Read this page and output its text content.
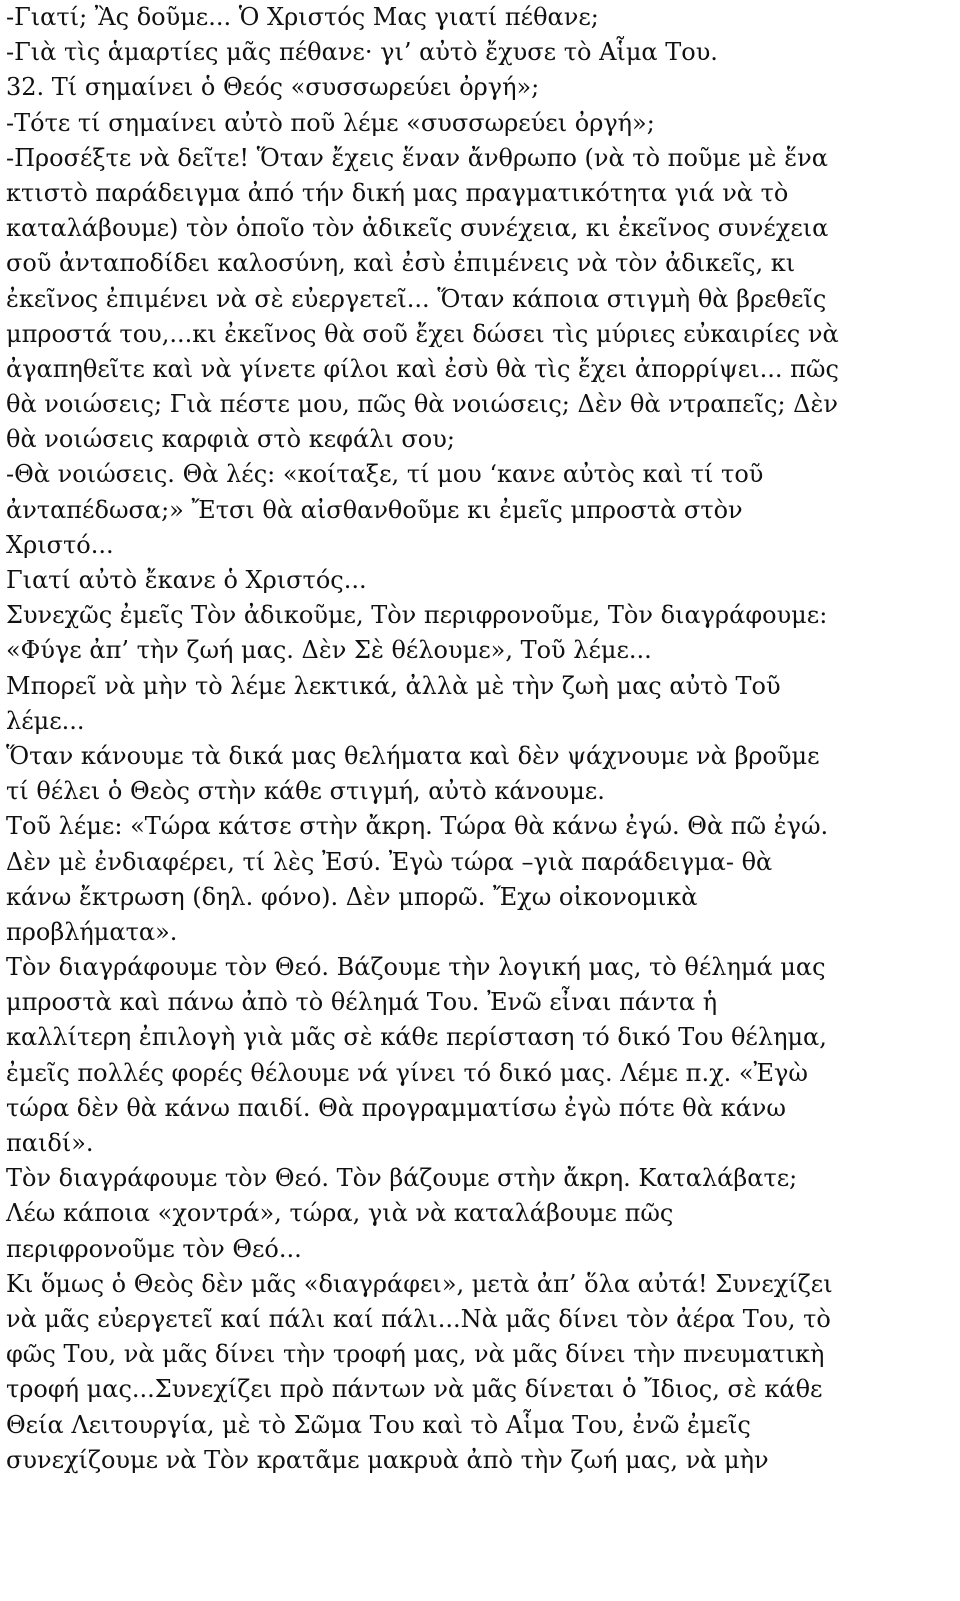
-Γιατί; Ἂς δοῦμε... Ὁ Χριστός Μας γιατί πέθανε;
-Γιὰ τὶς ἁμαρτίες μᾶς πέθανε· γι’ αὐτὸ ἔχυσε τὸ Αἷμα Του.
32. Τί σημαίνει ὁ Θεός «συσσωρεύει ὀργή»;
-Τότε τί σημαίνει αὐτὸ ποῦ λέμε «συσσωρεύει ὀργή»;
-Προσέξτε νὰ δεῖτε! Ὅταν ἔχεις ἕναν ἄνθρωπο (νὰ τὸ ποῦμε μὲ ἕνα
κτιστὸ παράδειγμα ἀπό τήν δική μας πραγματικότητα γιά νὰ τὸ
καταλάβουμε) τὸν ὁποῖο τὸν ἀδικεῖς συνέχεια, κι ἐκεῖνος συνέχεια
σοῦ ἀνταποδίδει καλοσύνη, καὶ ἐσὺ ἐπιμένεις νὰ τὸν ἀδικεῖς, κι
ἐκεῖνος ἐπιμένει νὰ σὲ εὐεργετεῖ... Ὅταν κάποια στιγμὴ θὰ βρεθεῖς
μπροστά του,...κι ἐκεῖνος θὰ σοῦ ἔχει δώσει τὶς μύριες εὐκαιρίες νὰ
ἀγαπηθεῖτε καὶ νὰ γίνετε φίλοι καὶ ἐσὺ θὰ τὶς ἔχει ἀπορρίψει... πῶς
θὰ νοιώσεις; Γιὰ πέστε μου, πῶς θὰ νοιώσεις; Δὲν θὰ ντραπεῖς; Δὲν
θὰ νοιώσεις καρφιὰ στὸ κεφάλι σου;
-Θὰ νοιώσεις. Θὰ λές: «κοίταξε, τί μου ‘κανε αὐτὸς καὶ τί τοῦ
ἀνταπέδωσα;» Ἔτσι θὰ αἰσθανθοῦμε κι ἐμεῖς μπροστὰ στὸν
Χριστό...
Γιατί αὐτὸ ἔκανε ὁ Χριστός...
Συνεχῶς ἐμεῖς Τὸν ἀδικοῦμε, Τὸν περιφρονοῦμε, Τὸν διαγράφουμε:
«Φύγε ἀπ’ τὴν ζωή μας. Δὲν Σὲ θέλουμε», Τοῦ λέμε...
Μπορεῖ νὰ μὴν τὸ λέμε λεκτικά, ἀλλὰ μὲ τὴν ζωὴ μας αὐτὸ Τοῦ
λέμε...
Ὅταν κάνουμε τὰ δικά μας θελήματα καὶ δὲν ψάχνουμε νὰ βροῦμε
τί θέλει ὁ Θεὸς στὴν κάθε στιγμή, αὐτὸ κάνουμε.
Τοῦ λέμε: «Τώρα κάτσε στὴν ἄκρη. Τώρα θὰ κάνω ἐγώ. Θὰ πῶ ἐγώ.
Δὲν μὲ ἐνδιαφέρει, τί λὲς Ἐσύ. Ἐγὼ τώρα –γιὰ παράδειγμα- θὰ
κάνω ἔκτρωση (δηλ. φόνο). Δὲν μπορῶ. Ἔχω οἰκονομικὰ
προβλήματα».
Τὸν διαγράφουμε τὸν Θεό. Βάζουμε τὴν λογική μας, τὸ θέλημά μας
μπροστὰ καὶ πάνω ἀπὸ τὸ θέλημά Του. Ἐνῶ εἶναι πάντα ἡ
καλλίτερη ἐπιλογὴ γιὰ μᾶς σὲ κάθε περίσταση τό δικό Του θέλημα,
ἐμεῖς πολλές φορές θέλουμε νά γίνει τό δικό μας. Λέμε π.χ. «Ἐγὼ
τώρα δὲν θὰ κάνω παιδί. Θὰ προγραμματίσω ἐγὼ πότε θὰ κάνω
παιδί».
Τὸν διαγράφουμε τὸν Θεό. Τὸν βάζουμε στὴν ἄκρη. Καταλάβατε;
Λέω κάποια «χοντρά», τώρα, γιὰ νὰ καταλάβουμε πῶς
περιφρονοῦμε τὸν Θεό...
Κι ὅμως ὁ Θεὸς δὲν μᾶς «διαγράφει», μετὰ ἀπ’ ὅλα αὐτά! Συνεχίζει
νὰ μᾶς εὐεργετεῖ καί πάλι καί πάλι...Νὰ μᾶς δίνει τὸν ἀέρα Του, τὸ
φῶς Του, νὰ μᾶς δίνει τὴν τροφή μας, νὰ μᾶς δίνει τὴν πνευματικὴ
τροφή μας...Συνεχίζει πρὸ πάντων νὰ μᾶς δίνεται ὁ Ἴδιος, σὲ κάθε
Θεία Λειτουργία, μὲ τὸ Σῶμα Του καὶ τὸ Αἷμα Του, ἐνῶ ἐμεῖς
συνεχίζουμε νὰ Τὸν κρατᾶμε μακρυὰ ἀπὸ τὴν ζωή μας, νὰ μὴν
